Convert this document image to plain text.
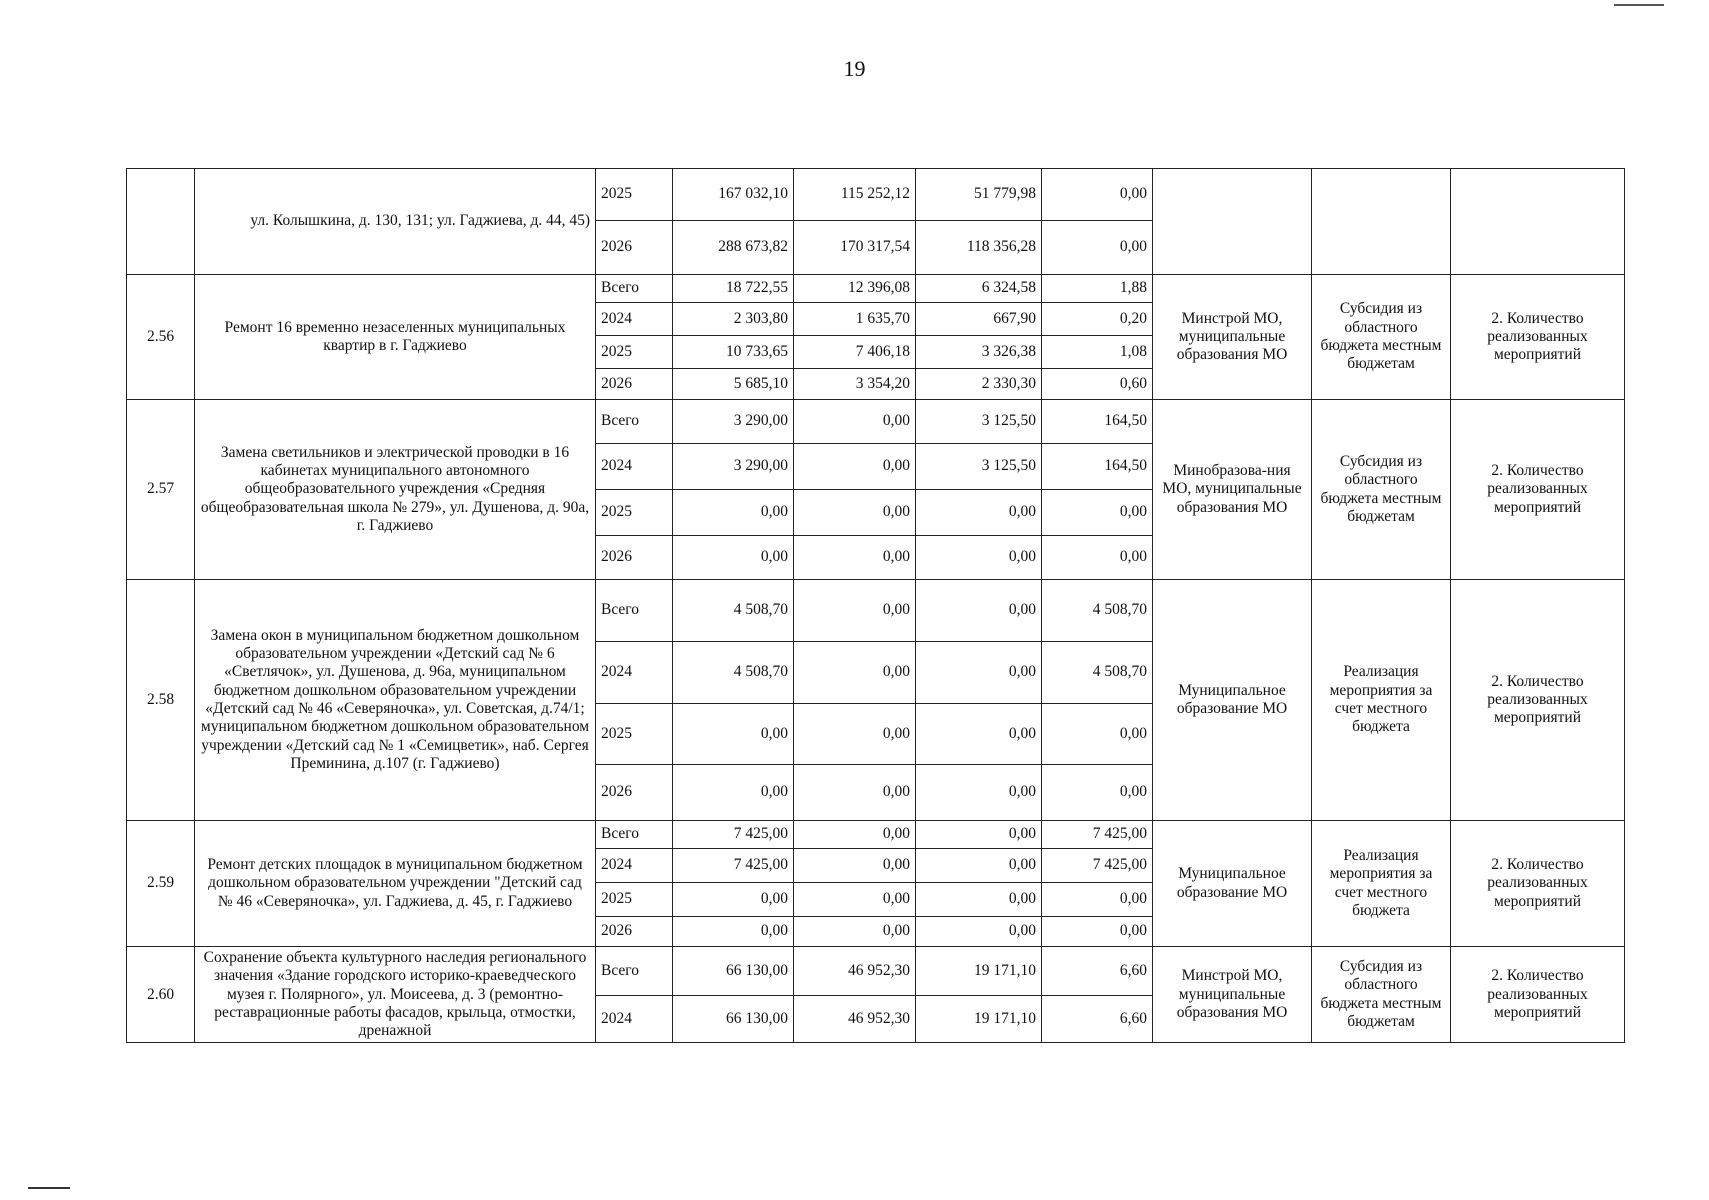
19
	ул. Колышкина, д. 130, 131; ул. Гаджиева, д. 44, 45)	2025	167 032,10	115 252,12	51 779,98	0,00			
		2026	288 673,82	170 317,54	118 356,28	0,00			
2.56	Ремонт 16 временно незаселенных муниципальных квартир в г. Гаджиево	Всего	18 722,55	12 396,08	6 324,58	1,88	Минстрой МО, муниципальные образования МО	Субсидия из областного бюджета местным бюджетам	2. Количество реализованных мероприятий
		2024	2 303,80	1 635,70	667,90	0,20			
		2025	10 733,65	7 406,18	3 326,38	1,08			
		2026	5 685,10	3 354,20	2 330,30	0,60			
2.57	Замена светильников и электрической проводки в 16 кабинетах муниципального автономного общеобразовательного учреждения «Средняя общеобразовательная школа № 279», ул. Душенова, д. 90а, г. Гаджиево	Всего	3 290,00	0,00	3 125,50	164,50	Минобразова-ния МО, муниципальные образования МО	Субсидия из областного бюджета местным бюджетам	2. Количество реализованных мероприятий
		2024	3 290,00	0,00	3 125,50	164,50			
		2025	0,00	0,00	0,00	0,00			
		2026	0,00	0,00	0,00	0,00			
2.58	Замена окон в муниципальном бюджетном дошкольном образовательном учреждении «Детский сад № 6 «Светлячок», ул. Душенова, д. 96а, муниципальном бюджетном дошкольном образовательном учреждении «Детский сад № 46 «Северяночка», ул. Советская, д.74/1; муниципальном бюджетном дошкольном образовательном учреждении «Детский сад № 1 «Семицветик», наб. Сергея Преминина, д.107 (г. Гаджиево)	Всего	4 508,70	0,00	0,00	4 508,70	Муниципальное образование МО	Реализация мероприятия за счет местного бюджета	2. Количество реализованных мероприятий
		2024	4 508,70	0,00	0,00	4 508,70			
		2025	0,00	0,00	0,00	0,00			
		2026	0,00	0,00	0,00	0,00			
2.59	Ремонт детских площадок в муниципальном бюджетном дошкольном образовательном учреждении "Детский сад № 46 «Северяночка», ул. Гаджиева, д. 45, г. Гаджиево	Всего	7 425,00	0,00	0,00	7 425,00	Муниципальное образование МО	Реализация мероприятия за счет местного бюджета	2. Количество реализованных мероприятий
		2024	7 425,00	0,00	0,00	7 425,00			
		2025	0,00	0,00	0,00	0,00			
		2026	0,00	0,00	0,00	0,00			
2.60	Сохранение объекта культурного наследия регионального значения «Здание городского историко-краеведческого музея г. Полярного», ул. Моисеева, д. 3 (ремонтно-реставрационные работы фасадов, крыльца, отмостки, дренажной	Всего	66 130,00	46 952,30	19 171,10	6,60	Минстрой МО, муниципальные образования МО	Субсидия из областного бюджета местным бюджетам	2. Количество реализованных мероприятий
		2024	66 130,00	46 952,30	19 171,10	6,60			
